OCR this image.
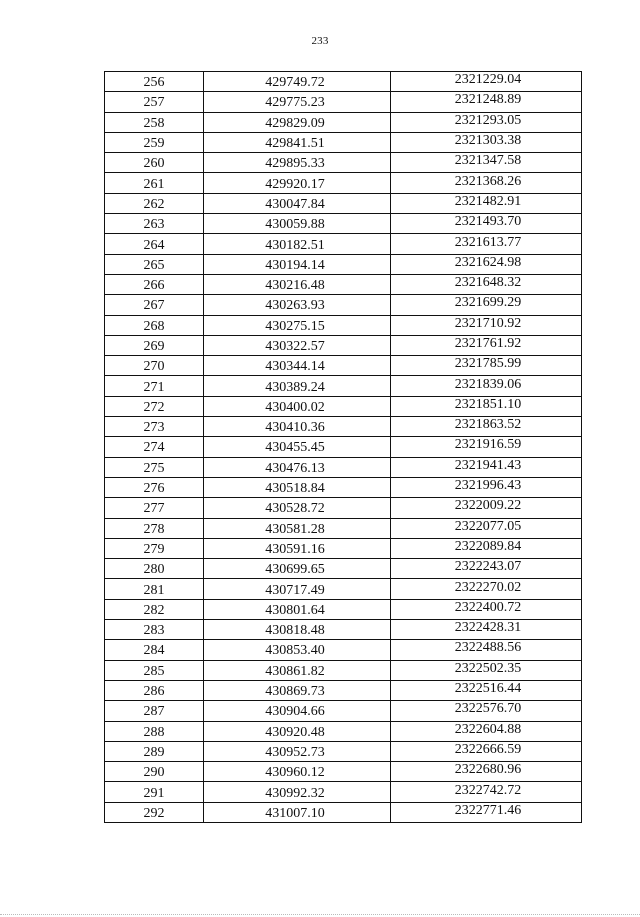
233
256	429749.72	2321229.04
257	429775.23	2321248.89
258	429829.09	2321293.05
259	429841.51	2321303.38
260	429895.33	2321347.58
261	429920.17	2321368.26
262	430047.84	2321482.91
263	430059.88	2321493.70
264	430182.51	2321613.77
265	430194.14	2321624.98
266	430216.48	2321648.32
267	430263.93	2321699.29
268	430275.15	2321710.92
269	430322.57	2321761.92
270	430344.14	2321785.99
271	430389.24	2321839.06
272	430400.02	2321851.10
273	430410.36	2321863.52
274	430455.45	2321916.59
275	430476.13	2321941.43
276	430518.84	2321996.43
277	430528.72	2322009.22
278	430581.28	2322077.05
279	430591.16	2322089.84
280	430699.65	2322243.07
281	430717.49	2322270.02
282	430801.64	2322400.72
283	430818.48	2322428.31
284	430853.40	2322488.56
285	430861.82	2322502.35
286	430869.73	2322516.44
287	430904.66	2322576.70
288	430920.48	2322604.88
289	430952.73	2322666.59
290	430960.12	2322680.96
291	430992.32	2322742.72
292	431007.10	2322771.46
